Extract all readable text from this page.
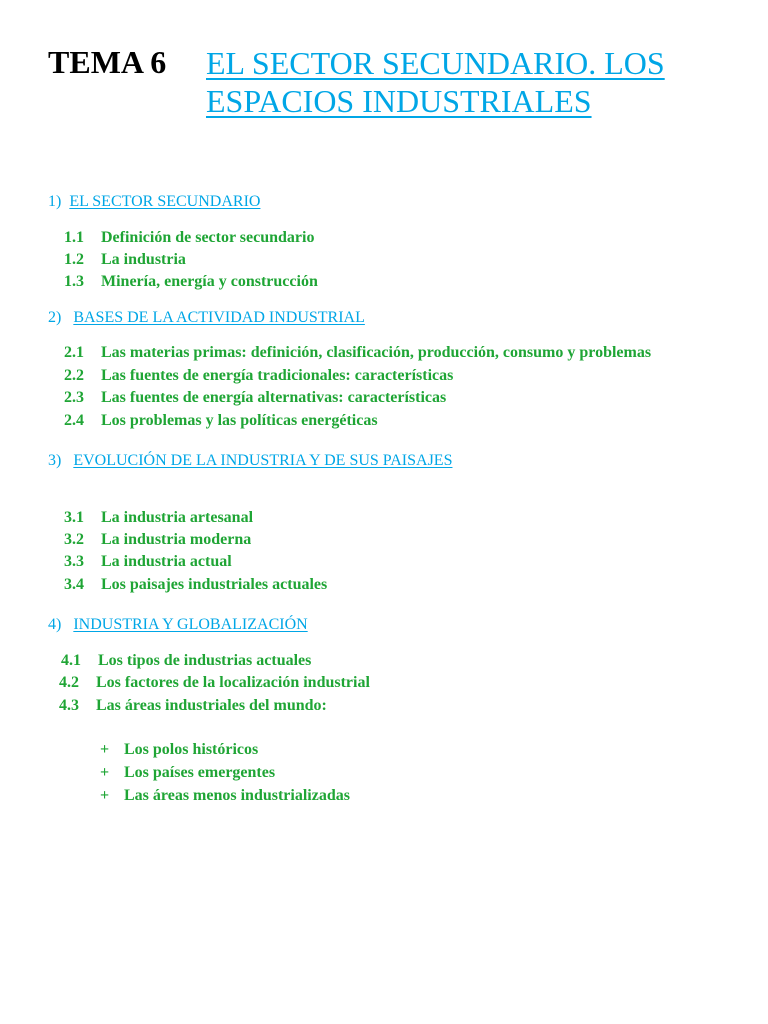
TEMA 6 EL SECTOR SECUNDARIO. LOS
ESPACIOS INDUSTRIALES
1) EL SECTOR SECUNDARIO
1.1 Definición de sector secundario
1.2 La industria
1.3 Minería, energía y construcción
2) BASES DE LA ACTIVIDAD INDUSTRIAL
2.1 Las materias primas: definición, clasificación, producción, consumo y problemas
2.2 Las fuentes de energía tradicionales: características
2.3 Las fuentes de energía alternativas: características
2.4 Los problemas y las políticas energéticas
3) EVOLUCIÓN DE LA INDUSTRIA Y DE SUS PAISAJES
3.1 La industria artesanal
3.2 La industria moderna
3.3 La industria actual
3.4 Los paisajes industriales actuales
4) INDUSTRIA Y GLOBALIZACIÓN
4.1 Los tipos de industrias actuales
4.2 Los factores de la localización industrial
4.3 Las áreas industriales del mundo:
+ Los polos históricos
+ Los países emergentes
+ Las áreas menos industrializadas
